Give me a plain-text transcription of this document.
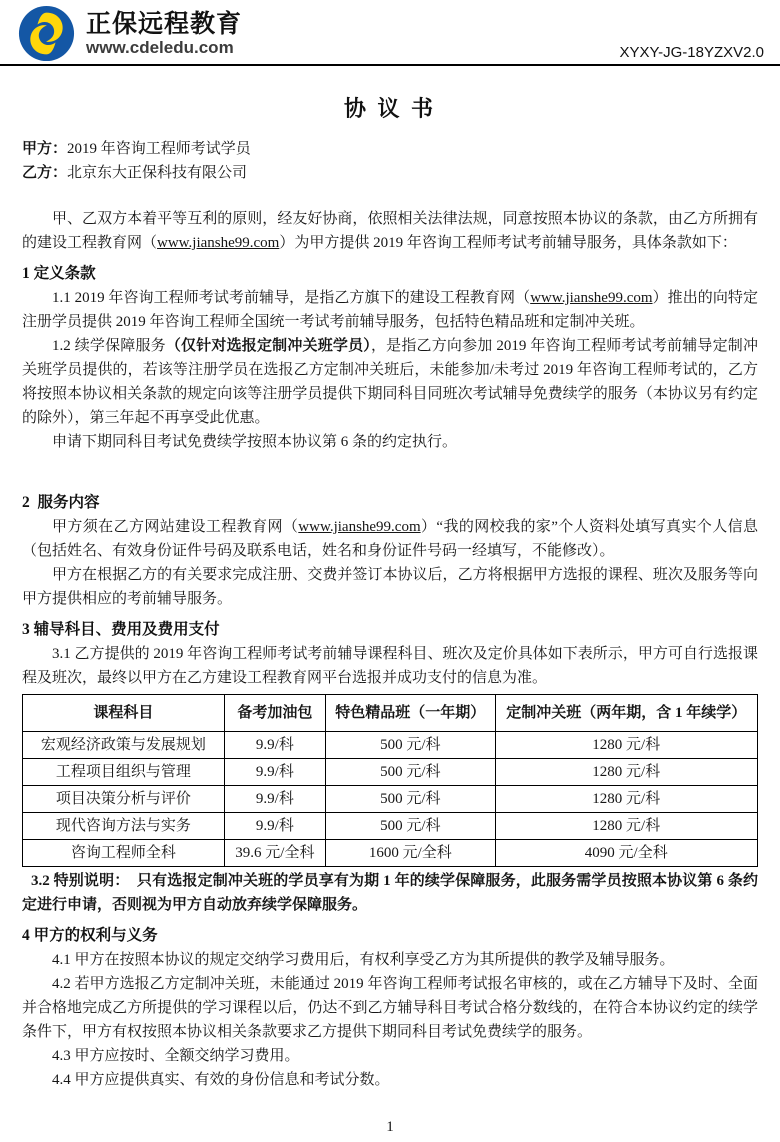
正保远程教育
www.cdeledu.com	XYXY-JG-18YZXV2.0
协 议 书

甲方：2019 年咨询工程师考试学员

乙方：北京东大正保科技有限公司

甲、乙双方本着平等互利的原则，经友好协商，依照相关法律法规，同意按照本协议的条款，由乙方所拥有的建设工程教育网（www.jianshe99.com）为甲方提供 2019 年咨询工程师考试考前辅导服务，具体条款如下：

1 定义条款

1.1 2019 年咨询工程师考试考前辅导，是指乙方旗下的建设工程教育网（www.jianshe99.com）推出的向特定注册学员提供 2019 年咨询工程师全国统一考试考前辅导服务，包括特色精品班和定制冲关班。

1.2 续学保障服务（仅针对选报定制冲关班学员），是指乙方向参加 2019 年咨询工程师考试考前辅导定制冲关班学员提供的，若该等注册学员在选报乙方定制冲关班后，未能参加/未考过 2019 年咨询工程师考试的，乙方将按照本协议相关条款的规定向该等注册学员提供下期同科目同班次考试辅导免费续学的服务（本协议另有约定的除外），第三年起不再享受此优惠。

申请下期同科目考试免费续学按照本协议第 6 条的约定执行。

2  服务内容

甲方须在乙方网站建设工程教育网（www.jianshe99.com）“我的网校我的家”个人资料处填写真实个人信息（包括姓名、有效身份证件号码及联系电话，姓名和身份证件号码一经填写，不能修改）。

甲方在根据乙方的有关要求完成注册、交费并签订本协议后，乙方将根据甲方选报的课程、班次及服务等向甲方提供相应的考前辅导服务。

3 辅导科目、费用及费用支付

3.1 乙方提供的 2019 年咨询工程师考试考前辅导课程科目、班次及定价具体如下表所示，甲方可自行选报课程及班次，最终以甲方在乙方建设工程教育网平台选报并成功支付的信息为准。

课程科目	备考加油包	特色精品班（一年期）	定制冲关班（两年期，含 1 年续学）
宏观经济政策与发展规划	9.9/科	500 元/科	1280 元/科
工程项目组织与管理	9.9/科	500 元/科	1280 元/科
项目决策分析与评价	9.9/科	500 元/科	1280 元/科
现代咨询方法与实务	9.9/科	500 元/科	1280 元/科
咨询工程师全科	39.6 元/全科	1600 元/全科	4090 元/全科

3.2 特别说明：　只有选报定制冲关班的学员享有为期 1 年的续学保障服务，此服务需学员按照本协议第 6 条约定进行申请，否则视为甲方自动放弃续学保障服务。

4 甲方的权利与义务

4.1 甲方在按照本协议的规定交纳学习费用后，有权利享受乙方为其所提供的教学及辅导服务。

4.2 若甲方选报乙方定制冲关班，未能通过 2019 年咨询工程师考试报名审核的，或在乙方辅导下及时、全面并合格地完成乙方所提供的学习课程以后，仍达不到乙方辅导科目考试合格分数线的，在符合本协议约定的续学条件下，甲方有权按照本协议相关条款要求乙方提供下期同科目考试免费续学的服务。

4.3 甲方应按时、全额交纳学习费用。

4.4 甲方应提供真实、有效的身份信息和考试分数。

1
